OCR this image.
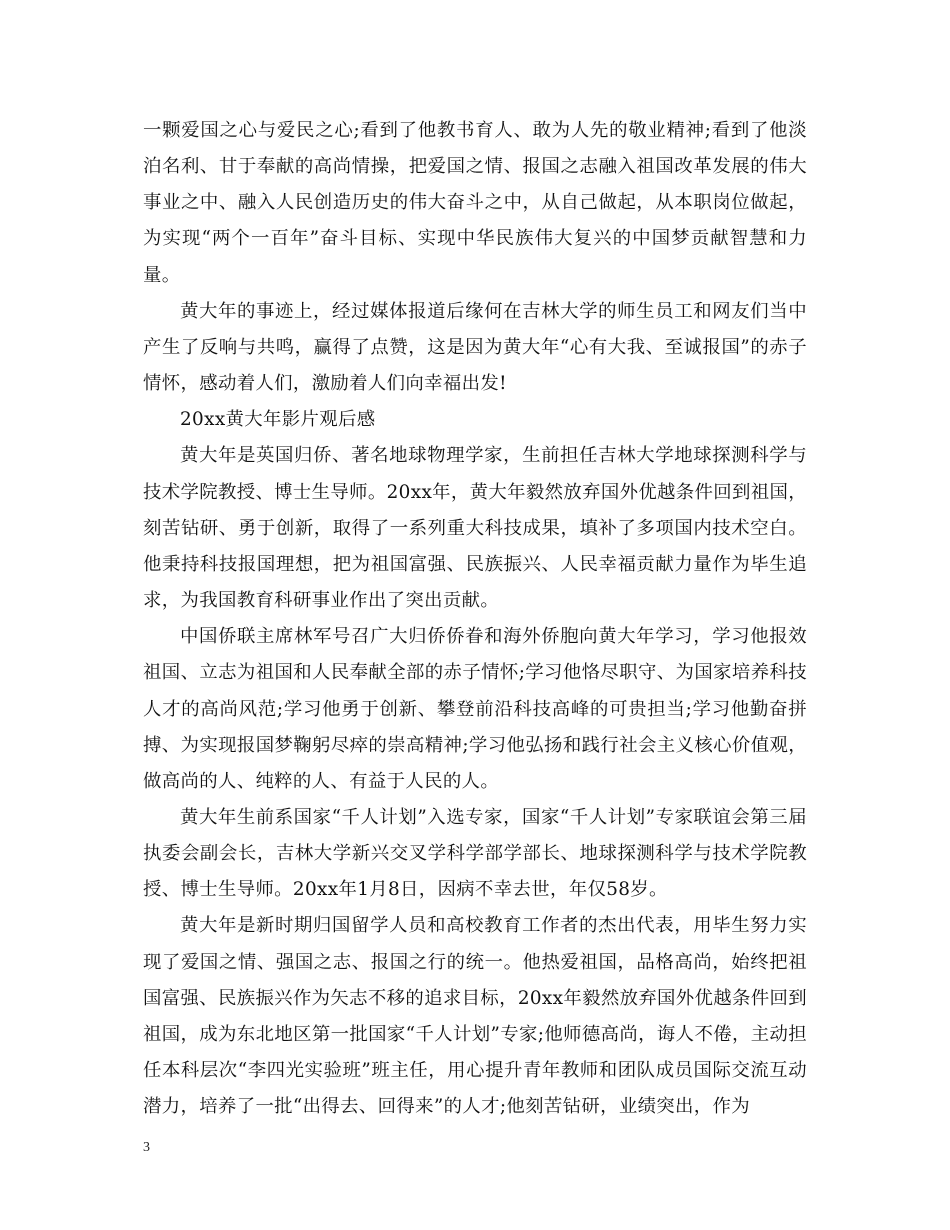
一颗爱国之心与爱民之心;看到了他教书育人、敢为人先的敬业精神;看到了他淡泊名利、甘于奉献的高尚情操，把爱国之情、报国之志融入祖国改革发展的伟大事业之中、融入人民创造历史的伟大奋斗之中，从自己做起，从本职岗位做起，为实现“两个一百年”奋斗目标、实现中华民族伟大复兴的中国梦贡献智慧和力量。

黄大年的事迹上，经过媒体报道后缘何在吉林大学的师生员工和网友们当中产生了反响与共鸣，赢得了点赞，这是因为黄大年“心有大我、至诚报国”的赤子情怀，感动着人们，激励着人们向幸福出发!

20xx黄大年影片观后感

黄大年是英国归侨、著名地球物理学家，生前担任吉林大学地球探测科学与技术学院教授、博士生导师。20xx年，黄大年毅然放弃国外优越条件回到祖国，刻苦钻研、勇于创新，取得了一系列重大科技成果，填补了多项国内技术空白。他秉持科技报国理想，把为祖国富强、民族振兴、人民幸福贡献力量作为毕生追求，为我国教育科研事业作出了突出贡献。

中国侨联主席林军号召广大归侨侨眷和海外侨胞向黄大年学习，学习他报效祖国、立志为祖国和人民奉献全部的赤子情怀;学习他恪尽职守、为国家培养科技人才的高尚风范;学习他勇于创新、攀登前沿科技高峰的可贵担当;学习他勤奋拼搏、为实现报国梦鞠躬尽瘁的崇高精神;学习他弘扬和践行社会主义核心价值观，做高尚的人、纯粹的人、有益于人民的人。

黄大年生前系国家“千人计划”入选专家，国家“千人计划”专家联谊会第三届执委会副会长，吉林大学新兴交叉学科学部学部长、地球探测科学与技术学院教授、博士生导师。20xx年1月8日，因病不幸去世，年仅58岁。

黄大年是新时期归国留学人员和高校教育工作者的杰出代表，用毕生努力实现了爱国之情、强国之志、报国之行的统一。他热爱祖国，品格高尚，始终把祖国富强、民族振兴作为矢志不移的追求目标，20xx年毅然放弃国外优越条件回到祖国，成为东北地区第一批国家“千人计划”专家;他师德高尚，诲人不倦，主动担任本科层次“李四光实验班”班主任，用心提升青年教师和团队成员国际交流互动潜力，培养了一批“出得去、回得来”的人才;他刻苦钻研，业绩突出，作为

3
